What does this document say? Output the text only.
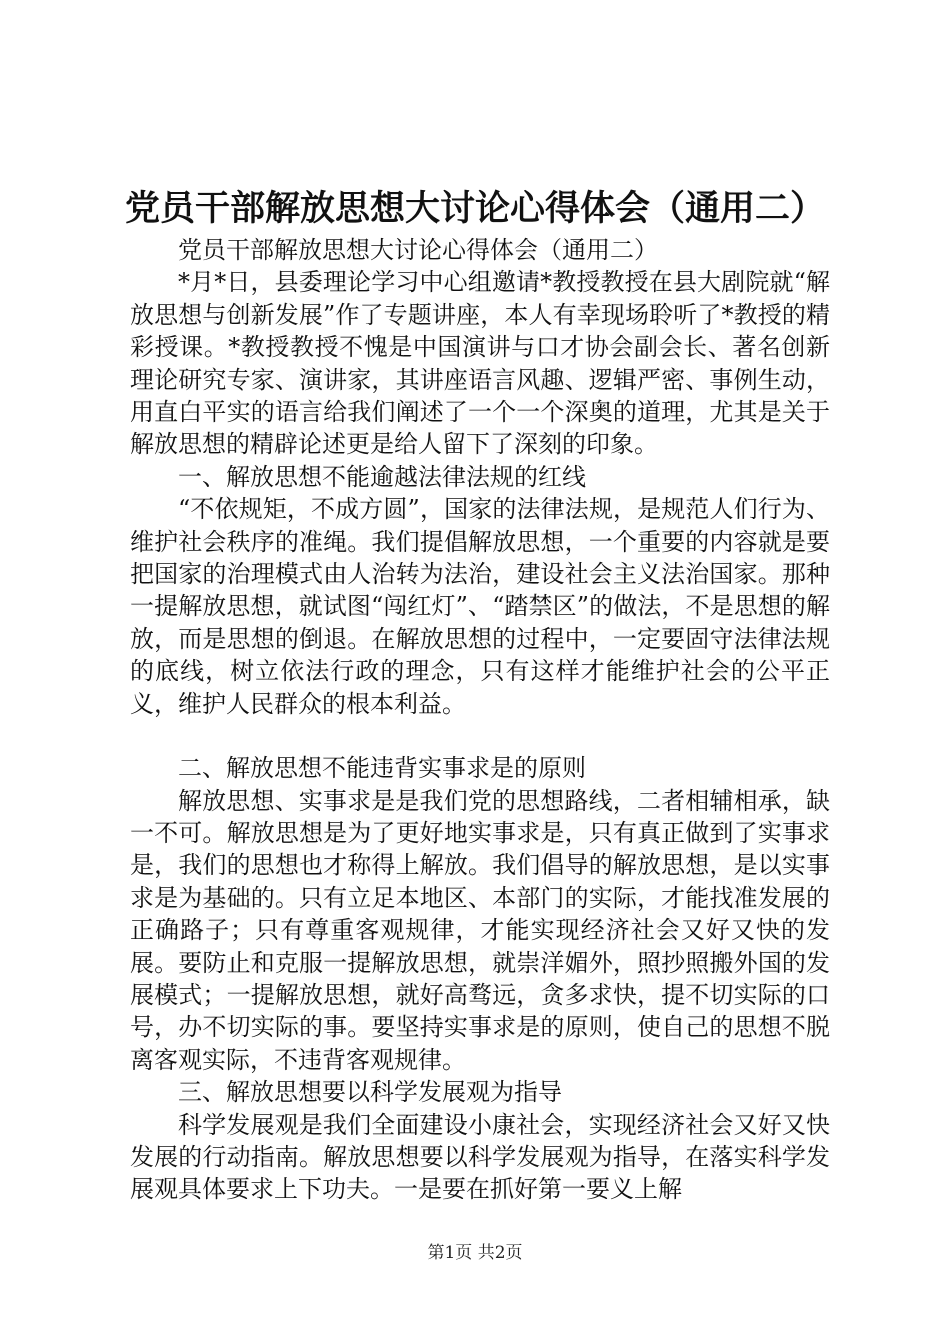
党员干部解放思想大讨论心得体会（通用二）

党员干部解放思想大讨论心得体会（通用二）

*月*日，县委理论学习中心组邀请*教授教授在县大剧院就“解放思想与创新发展”作了专题讲座，本人有幸现场聆听了*教授的精彩授课。*教授教授不愧是中国演讲与口才协会副会长、著名创新理论研究专家、演讲家，其讲座语言风趣、逻辑严密、事例生动，用直白平实的语言给我们阐述了一个一个深奥的道理，尤其是关于解放思想的精辟论述更是给人留下了深刻的印象。

一、解放思想不能逾越法律法规的红线

“不依规矩，不成方圆”，国家的法律法规，是规范人们行为、维护社会秩序的准绳。我们提倡解放思想，一个重要的内容就是要把国家的治理模式由人治转为法治，建设社会主义法治国家。那种一提解放思想，就试图“闯红灯”、“踏禁区”的做法，不是思想的解放，而是思想的倒退。在解放思想的过程中，一定要固守法律法规的底线，树立依法行政的理念，只有这样才能维护社会的公平正义，维护人民群众的根本利益。

二、解放思想不能违背实事求是的原则

解放思想、实事求是是我们党的思想路线，二者相辅相承，缺一不可。解放思想是为了更好地实事求是，只有真正做到了实事求是，我们的思想也才称得上解放。我们倡导的解放思想，是以实事求是为基础的。只有立足本地区、本部门的实际，才能找准发展的正确路子；只有尊重客观规律，才能实现经济社会又好又快的发展。要防止和克服一提解放思想，就崇洋媚外，照抄照搬外国的发展模式；一提解放思想，就好高骛远，贪多求快，提不切实际的口号，办不切实际的事。要坚持实事求是的原则，使自己的思想不脱离客观实际，不违背客观规律。

三、解放思想要以科学发展观为指导

科学发展观是我们全面建设小康社会，实现经济社会又好又快发展的行动指南。解放思想要以科学发展观为指导，在落实科学发展观具体要求上下功夫。一是要在抓好第一要义上解

第1页 共2页
